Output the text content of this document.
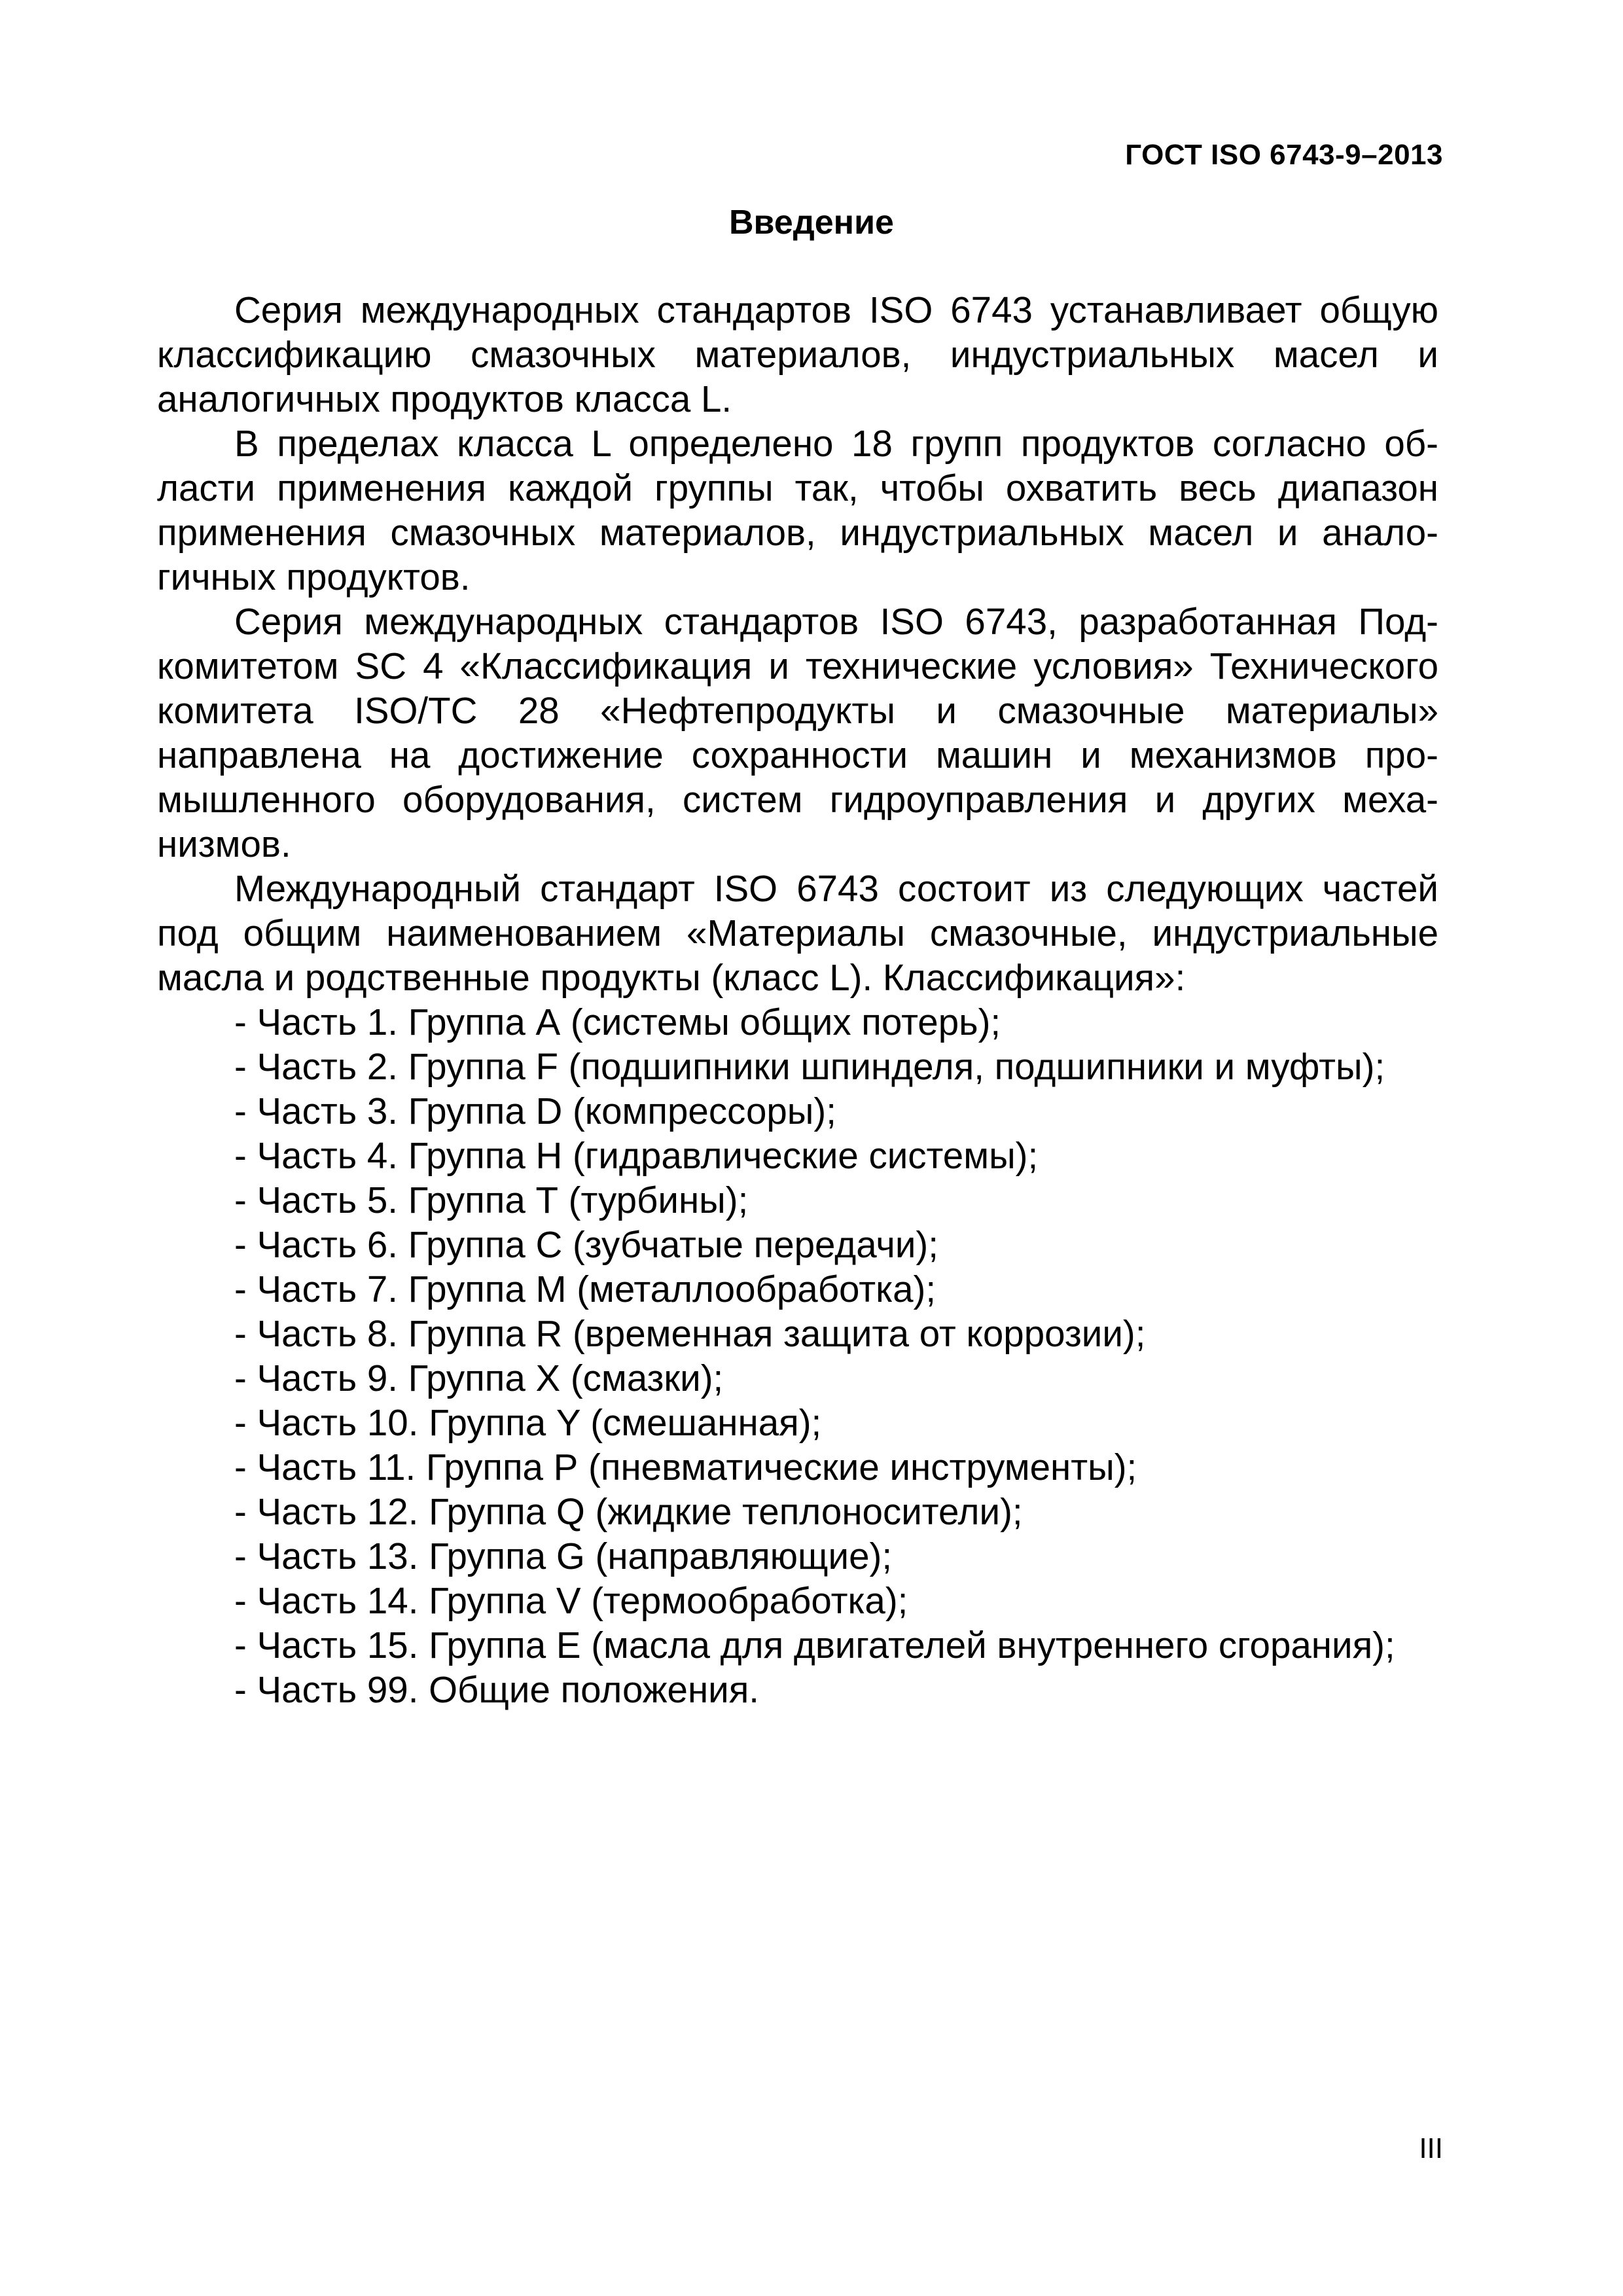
ГОСТ ISO 6743-9–2013
Введение

Серия международных стандартов ISO 6743 устанавливает общую классификацию смазочных материалов, индустриальных масел и аналогичных продуктов класса L.

В пределах класса L определено 18 групп продуктов согласно области применения каждой группы так, чтобы охватить весь диапазон применения смазочных материалов, индустриальных масел и аналогичных продуктов.

Серия международных стандартов ISO 6743, разработанная Подкомитетом SC 4 «Классификация и технические условия» Технического комитета ISO/TC 28 «Нефтепродукты и смазочные материалы» направлена на достижение сохранности машин и механизмов промышленного оборудования, систем гидроуправления и других механизмов.

Международный стандарт ISO 6743 состоит из следующих частей под общим наименованием «Материалы смазочные, индустриальные масла и родственные продукты (класс L). Классификация»:

- Часть 1. Группа А (системы общих потерь);
- Часть 2. Группа F (подшипники шпинделя, подшипники и муфты);
- Часть 3. Группа D (компрессоры);
- Часть 4. Группа H (гидравлические системы);
- Часть 5. Группа Т (турбины);
- Часть 6. Группа С (зубчатые передачи);
- Часть 7. Группа М (металлообработка);
- Часть 8. Группа R (временная защита от коррозии);
- Часть 9. Группа Х (смазки);
- Часть 10. Группа Y (смешанная);
- Часть 11. Группа Р (пневматические инструменты);
- Часть 12. Группа Q (жидкие теплоносители);
- Часть 13. Группа G (направляющие);
- Часть 14. Группа V (термообработка);
- Часть 15. Группа Е (масла для двигателей внутреннего сгорания);
- Часть 99. Общие положения.
III
